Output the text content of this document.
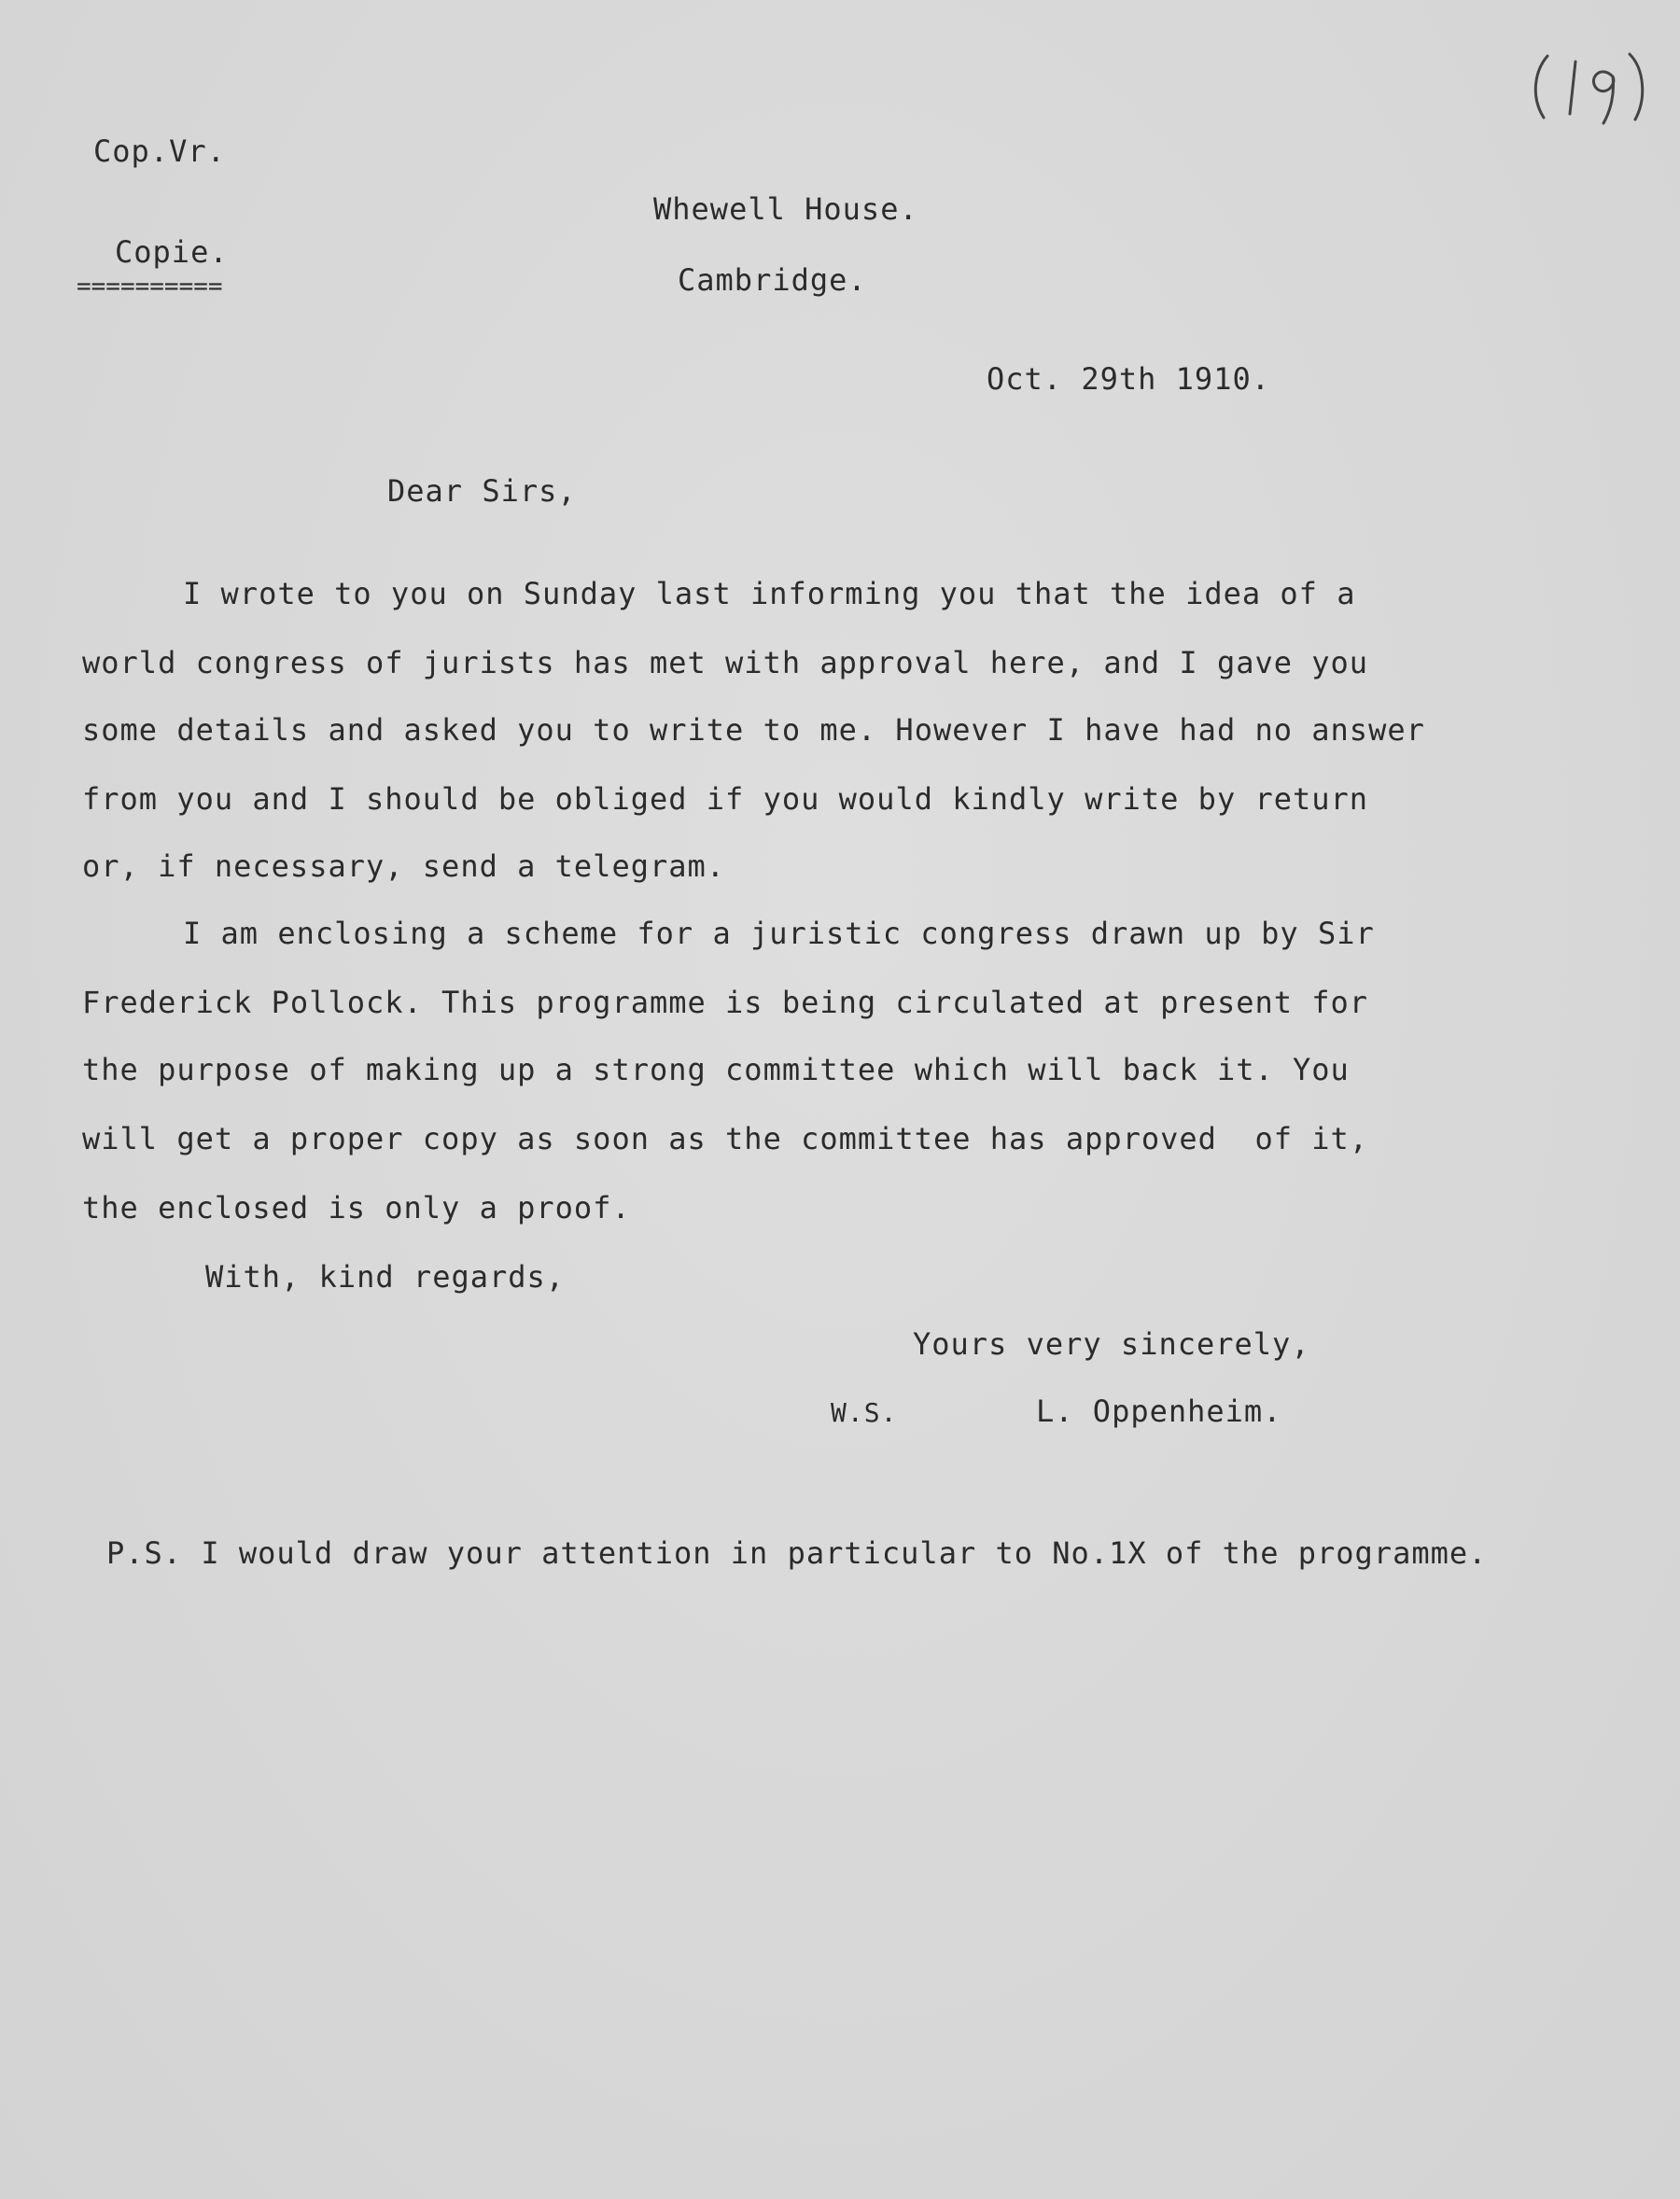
Cop.Vr.
Whewell House.
Copie.
Cambridge.
==========
Oct. 29th 1910.
Dear Sirs,
I wrote to you on Sunday last informing you that the idea of a
world congress of jurists has met with approval here, and I gave you
some details and asked you to write to me. However I have had no answer
from you and I should be obliged if you would kindly write by return
or, if necessary, send a telegram.
I am enclosing a scheme for a juristic congress drawn up by Sir
Frederick Pollock. This programme is being circulated at present for
the purpose of making up a strong committee which will back it. You
will get a proper copy as soon as the committee has approved  of it,
the enclosed is only a proof.
With, kind regards,
Yours very sincerely,
W.S.	L. Oppenheim.
P.S. I would draw your attention in particular to No.1X of the programme.
